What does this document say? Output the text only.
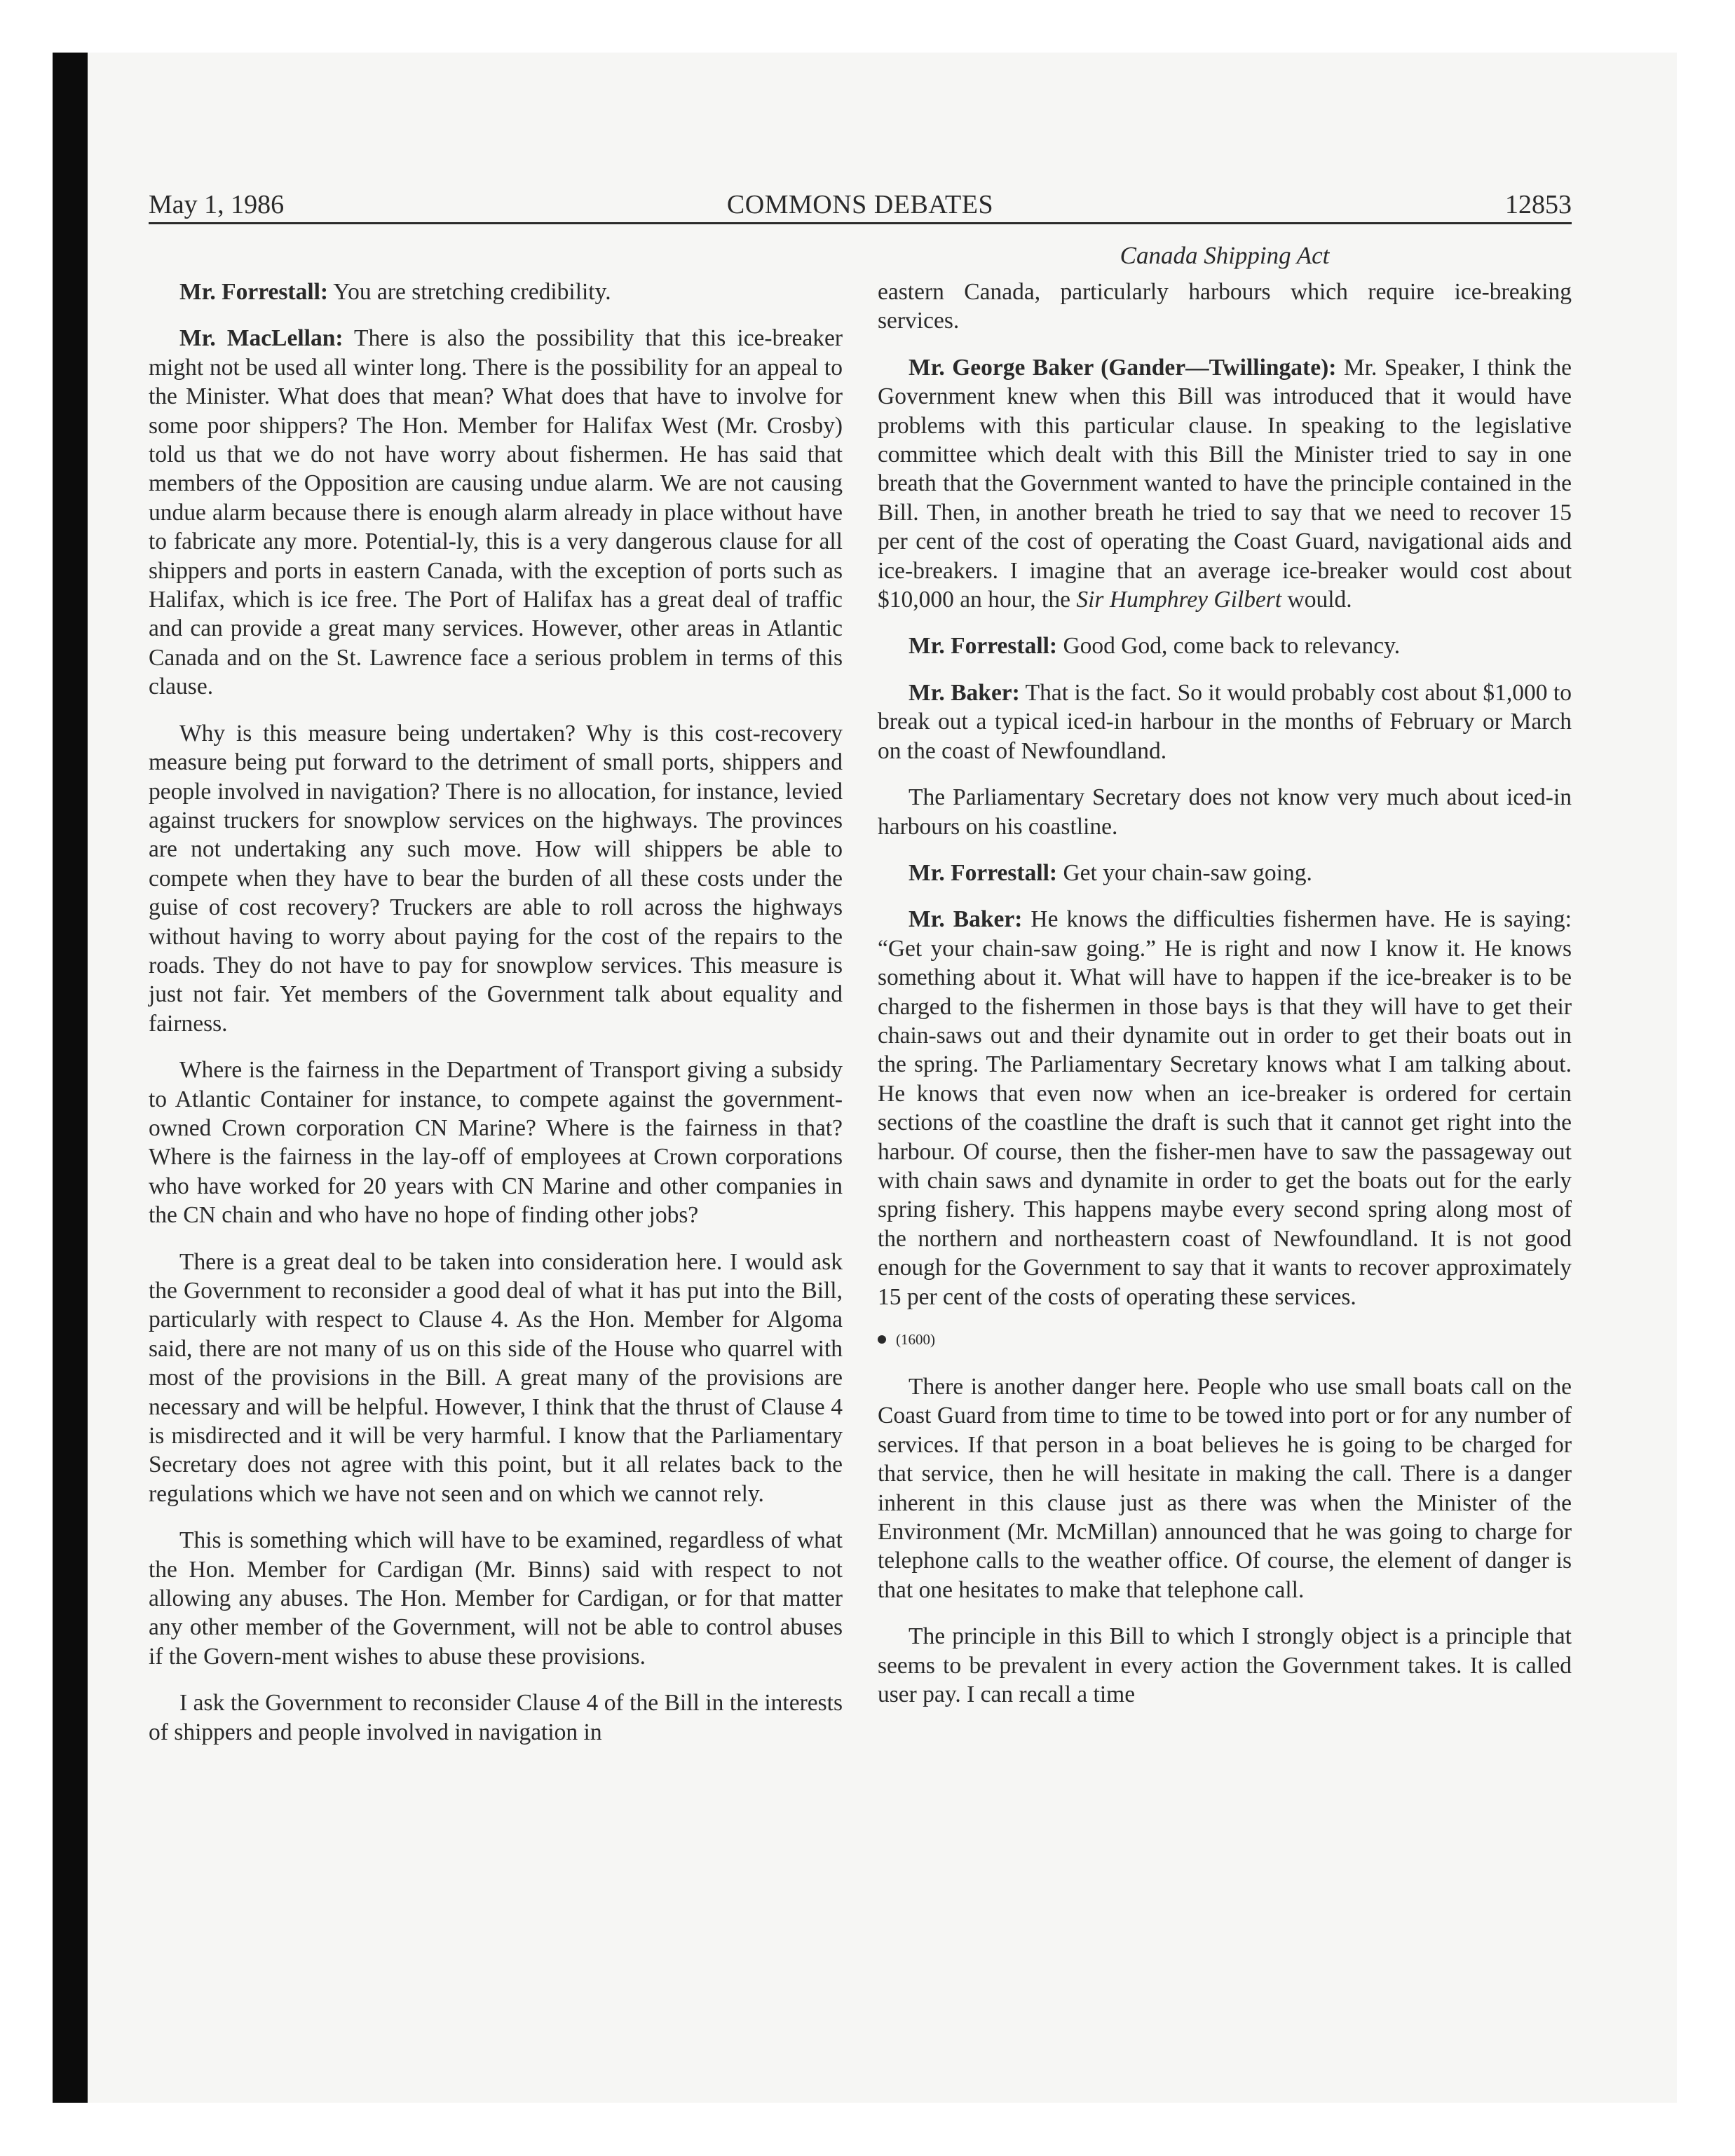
May 1, 1986	COMMONS DEBATES	12853
Canada Shipping Act

Mr. Forrestall: You are stretching credibility.

Mr. MacLellan: There is also the possibility that this ice-breaker might not be used all winter long. There is the possibility for an appeal to the Minister. What does that mean? What does that have to involve for some poor shippers? The Hon. Member for Halifax West (Mr. Crosby) told us that we do not have worry about fishermen. He has said that members of the Opposition are causing undue alarm. We are not causing undue alarm because there is enough alarm already in place without have to fabricate any more. Potential-ly, this is a very dangerous clause for all shippers and ports in eastern Canada, with the exception of ports such as Halifax, which is ice free. The Port of Halifax has a great deal of traffic and can provide a great many services. However, other areas in Atlantic Canada and on the St. Lawrence face a serious problem in terms of this clause.

Why is this measure being undertaken? Why is this cost-recovery measure being put forward to the detriment of small ports, shippers and people involved in navigation? There is no allocation, for instance, levied against truckers for snowplow services on the highways. The provinces are not undertaking any such move. How will shippers be able to compete when they have to bear the burden of all these costs under the guise of cost recovery? Truckers are able to roll across the highways without having to worry about paying for the cost of the repairs to the roads. They do not have to pay for snowplow services. This measure is just not fair. Yet members of the Government talk about equality and fairness.

Where is the fairness in the Department of Transport giving a subsidy to Atlantic Container for instance, to compete against the government-owned Crown corporation CN Marine? Where is the fairness in that? Where is the fairness in the lay-off of employees at Crown corporations who have worked for 20 years with CN Marine and other companies in the CN chain and who have no hope of finding other jobs?

There is a great deal to be taken into consideration here. I would ask the Government to reconsider a good deal of what it has put into the Bill, particularly with respect to Clause 4. As the Hon. Member for Algoma said, there are not many of us on this side of the House who quarrel with most of the provisions in the Bill. A great many of the provisions are necessary and will be helpful. However, I think that the thrust of Clause 4 is misdirected and it will be very harmful. I know that the Parliamentary Secretary does not agree with this point, but it all relates back to the regulations which we have not seen and on which we cannot rely.

This is something which will have to be examined, regardless of what the Hon. Member for Cardigan (Mr. Binns) said with respect to not allowing any abuses. The Hon. Member for Cardigan, or for that matter any other member of the Government, will not be able to control abuses if the Govern-ment wishes to abuse these provisions.

I ask the Government to reconsider Clause 4 of the Bill in the interests of shippers and people involved in navigation in

eastern Canada, particularly harbours which require ice-breaking services.

Mr. George Baker (Gander—Twillingate): Mr. Speaker, I think the Government knew when this Bill was introduced that it would have problems with this particular clause. In speaking to the legislative committee which dealt with this Bill the Minister tried to say in one breath that the Government wanted to have the principle contained in the Bill. Then, in another breath he tried to say that we need to recover 15 per cent of the cost of operating the Coast Guard, navigational aids and ice-breakers. I imagine that an average ice-breaker would cost about $10,000 an hour, the Sir Humphrey Gilbert would.

Mr. Forrestall: Good God, come back to relevancy.

Mr. Baker: That is the fact. So it would probably cost about $1,000 to break out a typical iced-in harbour in the months of February or March on the coast of Newfoundland.

The Parliamentary Secretary does not know very much about iced-in harbours on his coastline.

Mr. Forrestall: Get your chain-saw going.

Mr. Baker: He knows the difficulties fishermen have. He is saying: “Get your chain-saw going.” He is right and now I know it. He knows something about it. What will have to happen if the ice-breaker is to be charged to the fishermen in those bays is that they will have to get their chain-saws out and their dynamite out in order to get their boats out in the spring. The Parliamentary Secretary knows what I am talking about. He knows that even now when an ice-breaker is ordered for certain sections of the coastline the draft is such that it cannot get right into the harbour. Of course, then the fisher-men have to saw the passageway out with chain saws and dynamite in order to get the boats out for the early spring fishery. This happens maybe every second spring along most of the northern and northeastern coast of Newfoundland. It is not good enough for the Government to say that it wants to recover approximately 15 per cent of the costs of operating these services.

(1600)

There is another danger here. People who use small boats call on the Coast Guard from time to time to be towed into port or for any number of services. If that person in a boat believes he is going to be charged for that service, then he will hesitate in making the call. There is a danger inherent in this clause just as there was when the Minister of the Environment (Mr. McMillan) announced that he was going to charge for telephone calls to the weather office. Of course, the element of danger is that one hesitates to make that telephone call.

The principle in this Bill to which I strongly object is a principle that seems to be prevalent in every action the Government takes. It is called user pay. I can recall a time
